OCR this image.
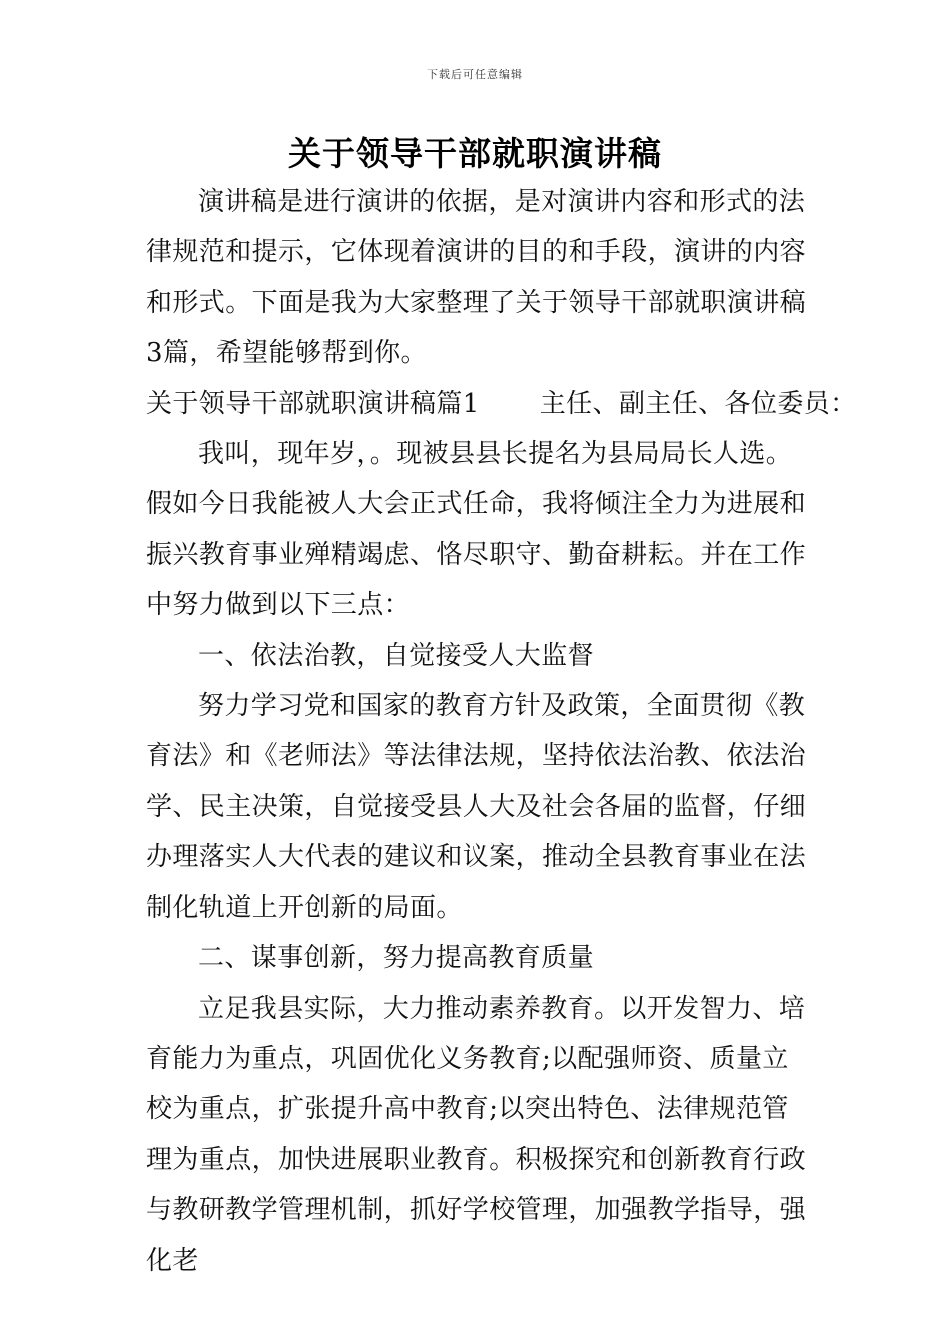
下载后可任意编辑
关于领导干部就职演讲稿

演讲稿是进行演讲的依据，是对演讲内容和形式的法律规范和提示，它体现着演讲的目的和手段，演讲的内容和形式。下面是我为大家整理了关于领导干部就职演讲稿3篇，希望能够帮到你。

关于领导干部就职演讲稿篇1 主任、副主任、各位委员：

我叫，现年岁，。现被县县长提名为县局局长人选。假如今日我能被人大会正式任命，我将倾注全力为进展和振兴教育事业殚精竭虑、恪尽职守、勤奋耕耘。并在工作中努力做到以下三点：

一、依法治教，自觉接受人大监督

努力学习党和国家的教育方针及政策，全面贯彻《教育法》和《老师法》等法律法规，坚持依法治教、依法治学、民主决策，自觉接受县人大及社会各届的监督，仔细办理落实人大代表的建议和议案，推动全县教育事业在法制化轨道上开创新的局面。

二、谋事创新，努力提高教育质量

立足我县实际，大力推动素养教育。以开发智力、培育能力为重点，巩固优化义务教育;以配强师资、质量立校为重点，扩张提升高中教育;以突出特色、法律规范管理为重点，加快进展职业教育。积极探究和创新教育行政与教研教学管理机制，抓好学校管理，加强教学指导，强化老
